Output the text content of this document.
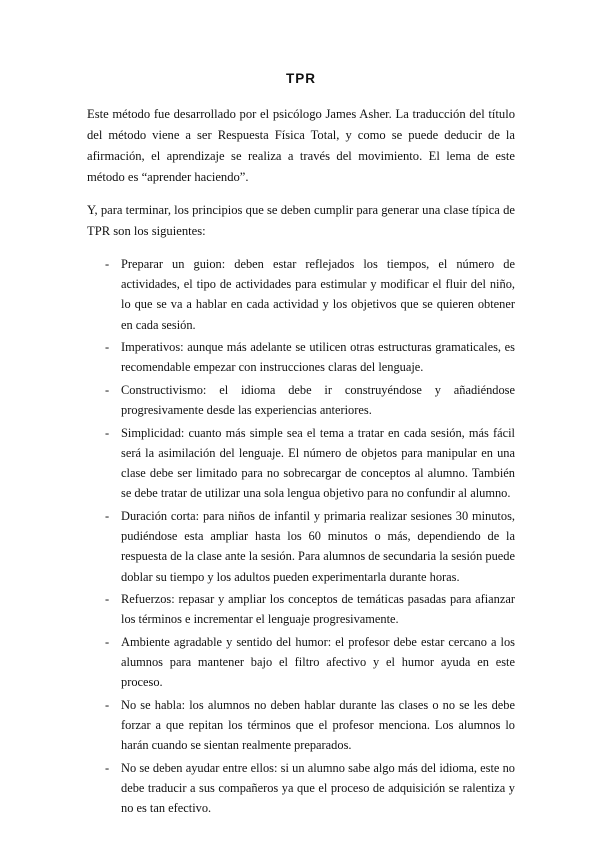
TPR

Este método fue desarrollado por el psicólogo James Asher. La traducción del título del método viene a ser Respuesta Física Total, y como se puede deducir de la afirmación, el aprendizaje se realiza a través del movimiento. El lema de este método es “aprender haciendo”.

Y, para terminar, los principios que se deben cumplir para generar una clase típica de TPR son los siguientes:

- Preparar un guion: deben estar reflejados los tiempos, el número de actividades, el tipo de actividades para estimular y modificar el fluir del niño, lo que se va a hablar en cada actividad y los objetivos que se quieren obtener en cada sesión.
- Imperativos: aunque más adelante se utilicen otras estructuras gramaticales, es recomendable empezar con instrucciones claras del lenguaje.
- Constructivismo: el idioma debe ir construyéndose y añadiéndose progresivamente desde las experiencias anteriores.
- Simplicidad: cuanto más simple sea el tema a tratar en cada sesión, más fácil será la asimilación del lenguaje. El número de objetos para manipular en una clase debe ser limitado para no sobrecargar de conceptos al alumno. También se debe tratar de utilizar una sola lengua objetivo para no confundir al alumno.
- Duración corta: para niños de infantil y primaria realizar sesiones 30 minutos, pudiéndose esta ampliar hasta los 60 minutos o más, dependiendo de la respuesta de la clase ante la sesión. Para alumnos de secundaria la sesión puede doblar su tiempo y los adultos pueden experimentarla durante horas.
- Refuerzos: repasar y ampliar los conceptos de temáticas pasadas para afianzar los términos e incrementar el lenguaje progresivamente.
- Ambiente agradable y sentido del humor: el profesor debe estar cercano a los alumnos para mantener bajo el filtro afectivo y el humor ayuda en este proceso.
- No se habla: los alumnos no deben hablar durante las clases o no se les debe forzar a que repitan los términos que el profesor menciona. Los alumnos lo harán cuando se sientan realmente preparados.
- No se deben ayudar entre ellos: si un alumno sabe algo más del idioma, este no debe traducir a sus compañeros ya que el proceso de adquisición se ralentiza y no es tan efectivo.
